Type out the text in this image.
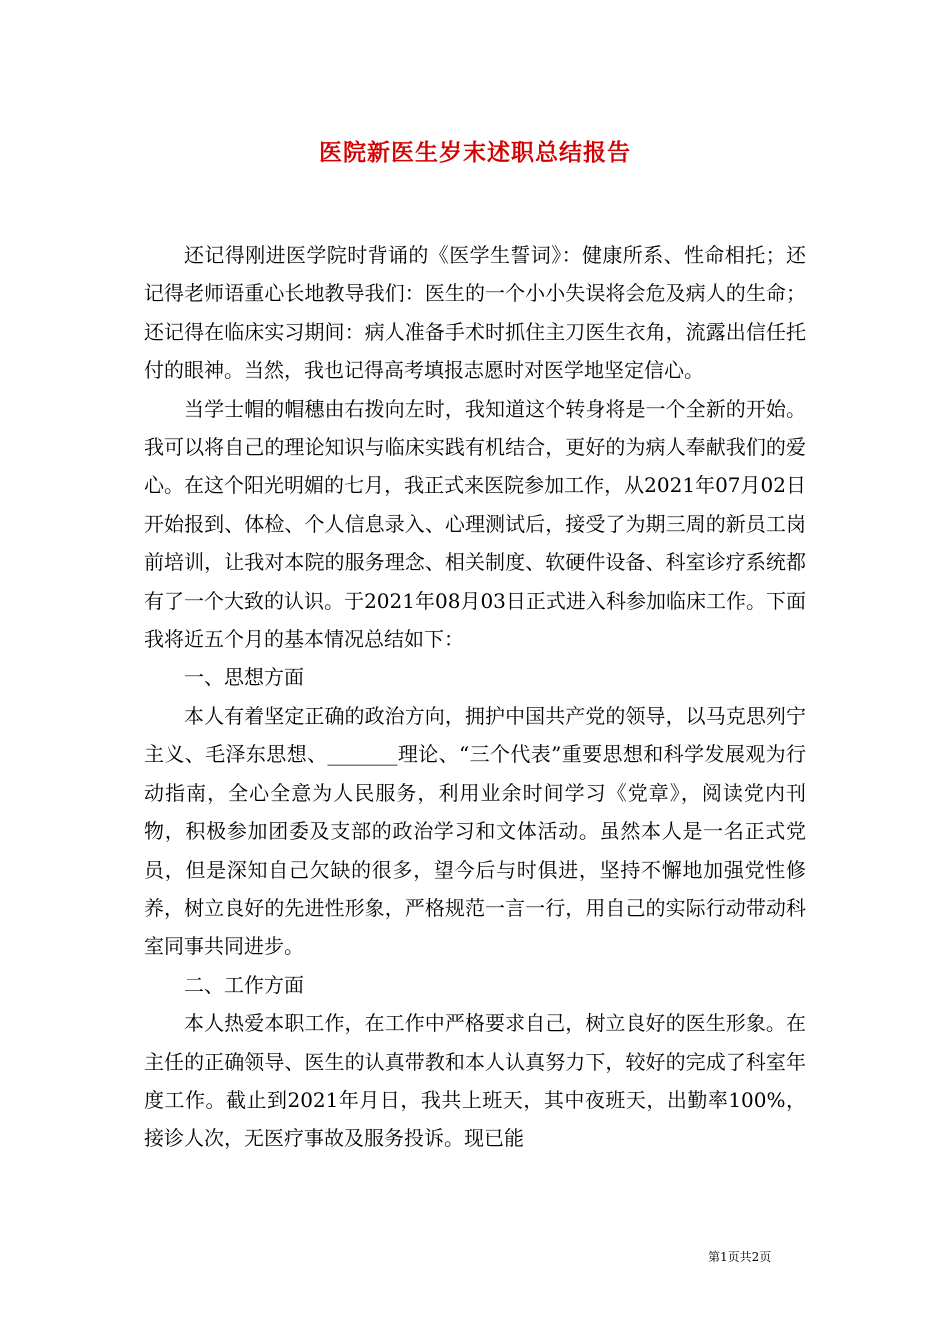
医院新医生岁末述职总结报告

还记得刚进医学院时背诵的《医学生誓词》：健康所系、性命相托；还记得老师语重心长地教导我们：医生的一个小小失误将会危及病人的生命；还记得在临床实习期间：病人准备手术时抓住主刀医生衣角，流露出信任托付的眼神。当然，我也记得高考填报志愿时对医学地坚定信心。

当学士帽的帽穗由右拨向左时，我知道这个转身将是一个全新的开始。我可以将自己的理论知识与临床实践有机结合，更好的为病人奉献我们的爱心。在这个阳光明媚的七月，我正式来医院参加工作，从2021年07月02日开始报到、体检、个人信息录入、心理测试后，接受了为期三周的新员工岗前培训，让我对本院的服务理念、相关制度、软硬件设备、科室诊疗系统都有了一个大致的认识。于2021年08月03日正式进入科参加临床工作。下面我将近五个月的基本情况总结如下：

一、思想方面

本人有着坚定正确的政治方向，拥护中国共产党的领导，以马克思列宁主义、毛泽东思想、_______理论、“三个代表”重要思想和科学发展观为行动指南，全心全意为人民服务，利用业余时间学习《党章》，阅读党内刊物，积极参加团委及支部的政治学习和文体活动。虽然本人是一名正式党员，但是深知自己欠缺的很多，望今后与时俱进，坚持不懈地加强党性修养，树立良好的先进性形象，严格规范一言一行，用自己的实际行动带动科室同事共同进步。

二、工作方面

本人热爱本职工作，在工作中严格要求自己，树立良好的医生形象。在主任的正确领导、医生的认真带教和本人认真努力下，较好的完成了科室年度工作。截止到2021年月日，我共上班天，其中夜班天，出勤率100%，接诊人次，无医疗事故及服务投诉。现已能

第1页共2页
